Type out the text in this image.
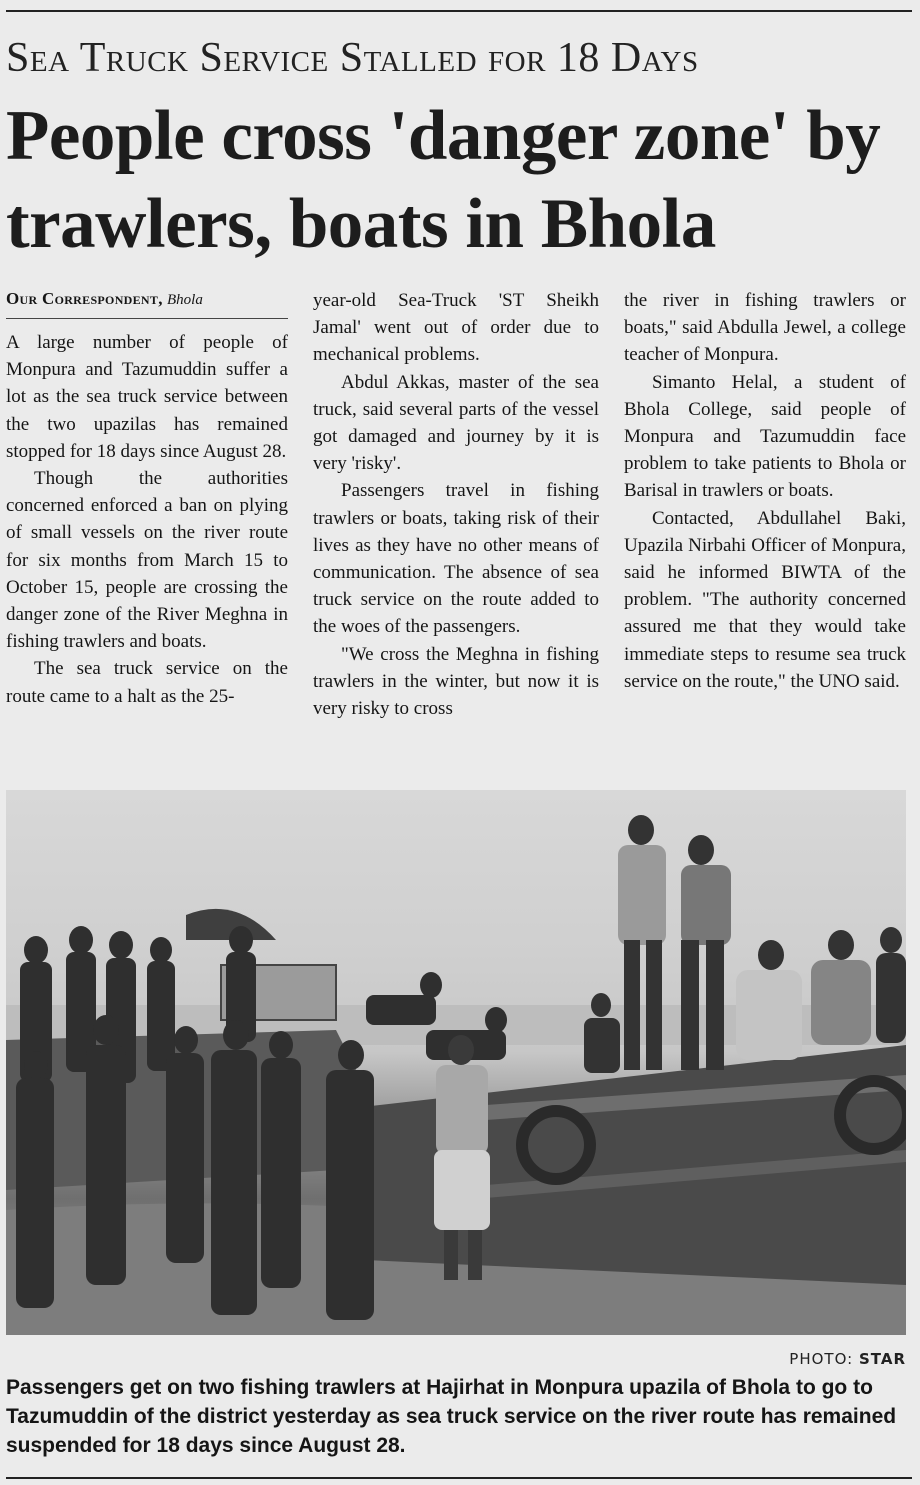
Sea Truck Service Stalled for 18 Days
People cross 'danger zone' by trawlers, boats in Bhola
Our Correspondent, Bhola

A large number of people of Monpura and Tazumuddin suffer a lot as the sea truck service between the two upazilas has remained stopped for 18 days since August 28.

Though the authorities concerned enforced a ban on plying of small vessels on the river route for six months from March 15 to October 15, people are crossing the danger zone of the River Meghna in fishing trawlers and boats.

The sea truck service on the route came to a halt as the 25-

year-old Sea-Truck 'ST Sheikh Jamal' went out of order due to mechanical problems.

Abdul Akkas, master of the sea truck, said several parts of the vessel got damaged and journey by it is very 'risky'.

Passengers travel in fishing trawlers or boats, taking risk of their lives as they have no other means of communication. The absence of sea truck service on the route added to the woes of the passengers.

"We cross the Meghna in fishing trawlers in the winter, but now it is very risky to cross

the river in fishing trawlers or boats," said Abdulla Jewel, a college teacher of Monpura.

Simanto Helal, a student of Bhola College, said people of Monpura and Tazumuddin face problem to take patients to Bhola or Barisal in trawlers or boats.

Contacted, Abdullahel Baki, Upazila Nirbahi Officer of Monpura, said he informed BIWTA of the problem. "The authority concerned assured me that they would take immediate steps to resume sea truck service on the route," the UNO said.

PHOTO: STAR
Passengers get on two fishing trawlers at Hajirhat in Monpura upazila of Bhola to go to Tazumuddin of the district yesterday as sea truck service on the river route has remained suspended for 18 days since August 28.
